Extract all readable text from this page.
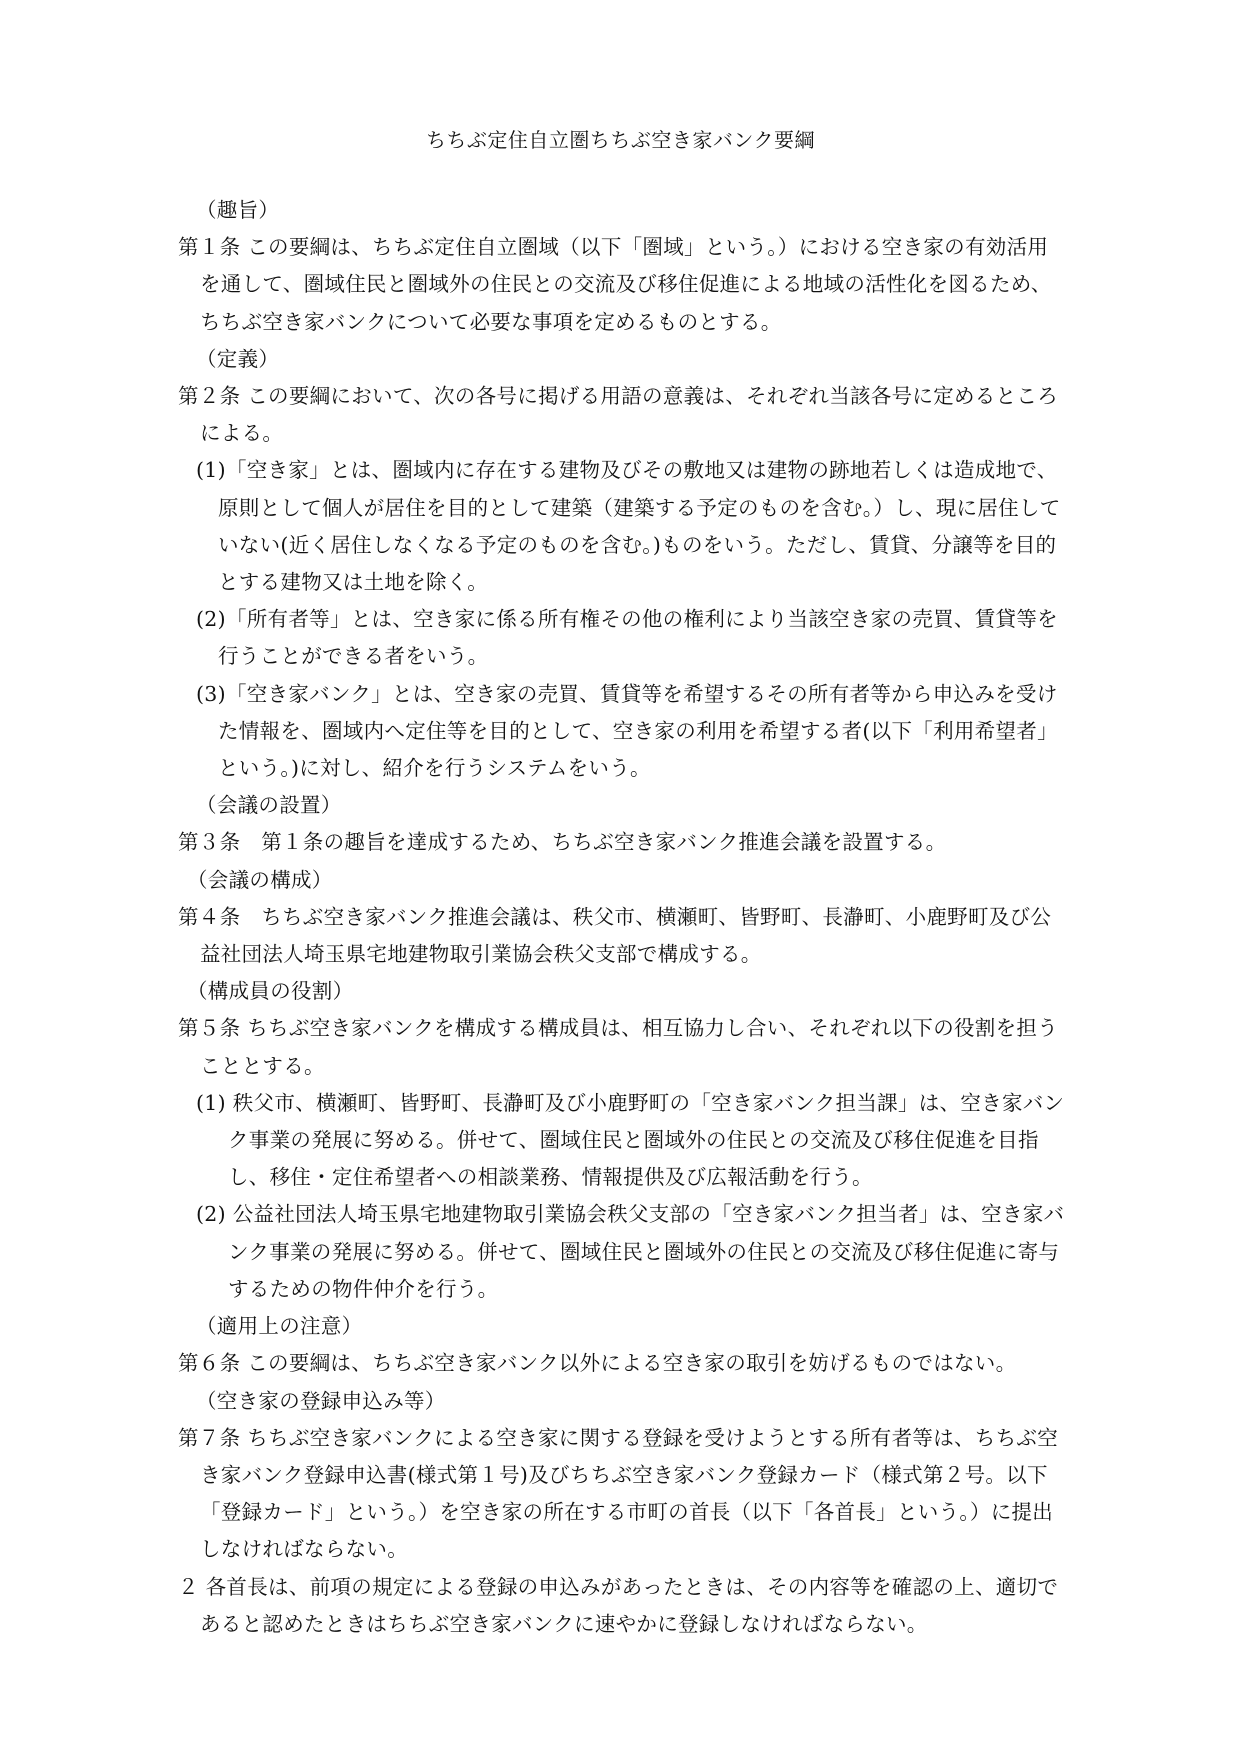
ちちぶ定住自立圏ちちぶ空き家バンク要綱
（趣旨）
第１条 この要綱は、ちちぶ定住自立圏域（以下「圏域」という。）における空き家の有効活用を通して、圏域住民と圏域外の住民との交流及び移住促進による地域の活性化を図るため、ちちぶ空き家バンクについて必要な事項を定めるものとする。
（定義）
第２条 この要綱において、次の各号に掲げる用語の意義は、それぞれ当該各号に定めるところによる。
(1)「空き家」とは、圏域内に存在する建物及びその敷地又は建物の跡地若しくは造成地で、原則として個人が居住を目的として建築（建築する予定のものを含む。）し、現に居住していない(近く居住しなくなる予定のものを含む。)ものをいう。ただし、賃貸、分譲等を目的とする建物又は土地を除く。
(2)「所有者等」とは、空き家に係る所有権その他の権利により当該空き家の売買、賃貸等を行うことができる者をいう。
(3)「空き家バンク」とは、空き家の売買、賃貸等を希望するその所有者等から申込みを受けた情報を、圏域内へ定住等を目的として、空き家の利用を希望する者(以下「利用希望者」という。)に対し、紹介を行うシステムをいう。
（会議の設置）
第３条　第１条の趣旨を達成するため、ちちぶ空き家バンク推進会議を設置する。
（会議の構成）
第４条　ちちぶ空き家バンク推進会議は、秩父市、横瀬町、皆野町、長瀞町、小鹿野町及び公益社団法人埼玉県宅地建物取引業協会秩父支部で構成する。
（構成員の役割）
第５条 ちちぶ空き家バンクを構成する構成員は、相互協力し合い、それぞれ以下の役割を担うこととする。
(1) 秩父市、横瀬町、皆野町、長瀞町及び小鹿野町の「空き家バンク担当課」は、空き家バンク事業の発展に努める。併せて、圏域住民と圏域外の住民との交流及び移住促進を目指し、移住・定住希望者への相談業務、情報提供及び広報活動を行う。
(2) 公益社団法人埼玉県宅地建物取引業協会秩父支部の「空き家バンク担当者」は、空き家バンク事業の発展に努める。併せて、圏域住民と圏域外の住民との交流及び移住促進に寄与するための物件仲介を行う。
（適用上の注意）
第６条 この要綱は、ちちぶ空き家バンク以外による空き家の取引を妨げるものではない。
（空き家の登録申込み等）
第７条 ちちぶ空き家バンクによる空き家に関する登録を受けようとする所有者等は、ちちぶ空き家バンク登録申込書(様式第１号)及びちちぶ空き家バンク登録カード（様式第２号。以下「登録カード」という。）を空き家の所在する市町の首長（以下「各首長」という。）に提出しなければならない。
２ 各首長は、前項の規定による登録の申込みがあったときは、その内容等を確認の上、適切であると認めたときはちちぶ空き家バンクに速やかに登録しなければならない。
